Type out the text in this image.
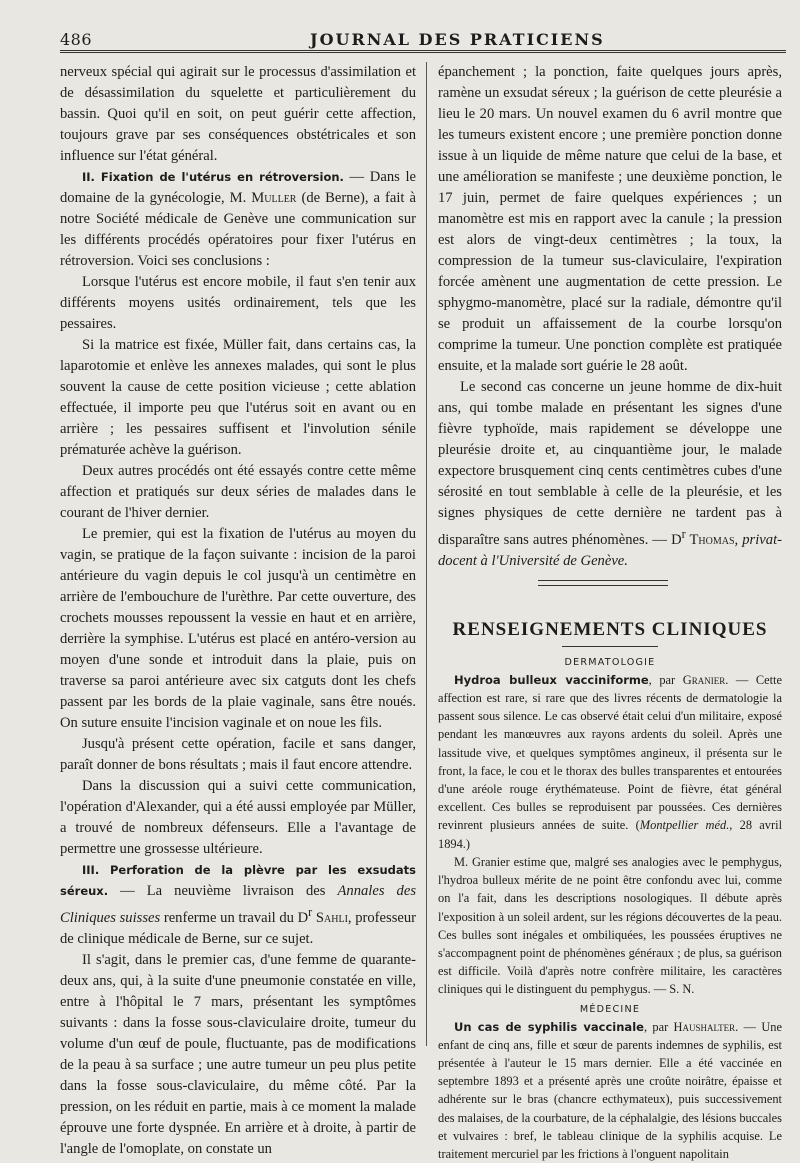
486	JOURNAL DES PRATICIENS

nerveux spécial qui agirait sur le processus d'assimilation et de désassimilation du squelette et particulièrement du bassin. Quoi qu'il en soit, on peut guérir cette affection, toujours grave par ses conséquences obstétricales et son influence sur l'état général.

II. Fixation de l'utérus en rétroversion. — Dans le domaine de la gynécologie, M. Muller (de Berne), a fait à notre Société médicale de Genève une communication sur les différents procédés opératoires pour fixer l'utérus en rétroversion. Voici ses conclusions :

Lorsque l'utérus est encore mobile, il faut s'en tenir aux différents moyens usités ordinairement, tels que les pessaires.

Si la matrice est fixée, Müller fait, dans certains cas, la laparotomie et enlève les annexes malades, qui sont le plus souvent la cause de cette position vicieuse ; cette ablation effectuée, il importe peu que l'utérus soit en avant ou en arrière ; les pessaires suffisent et l'involution sénile prématurée achève la guérison.

Deux autres procédés ont été essayés contre cette même affection et pratiqués sur deux séries de malades dans le courant de l'hiver dernier.

Le premier, qui est la fixation de l'utérus au moyen du vagin, se pratique de la façon suivante : incision de la paroi antérieure du vagin depuis le col jusqu'à un centimètre en arrière de l'embouchure de l'urèthre. Par cette ouverture, des crochets mousses repoussent la vessie en haut et en arrière, derrière la symphise. L'utérus est placé en antéro-version au moyen d'une sonde et introduit dans la plaie, puis on traverse sa paroi antérieure avec six catguts dont les chefs passent par les bords de la plaie vaginale, sans être noués. On suture ensuite l'incision vaginale et on noue les fils.

Jusqu'à présent cette opération, facile et sans danger, paraît donner de bons résultats ; mais il faut encore attendre.

Dans la discussion qui a suivi cette communication, l'opération d'Alexander, qui a été aussi employée par Müller, a trouvé de nombreux défenseurs. Elle a l'avantage de permettre une grossesse ultérieure.

III. Perforation de la plèvre par les exsudats séreux. — La neuvième livraison des Annales des Cliniques suisses renferme un travail du $D^r$ Sahli, professeur de clinique médicale de Berne, sur ce sujet.

Il s'agit, dans le premier cas, d'une femme de quarante-deux ans, qui, à la suite d'une pneumonie constatée en ville, entre à l'hôpital le 7 mars, présentant les symptômes suivants : dans la fosse sous-claviculaire droite, tumeur du volume d'un œuf de poule, fluctuante, pas de modifications de la peau à sa surface ; une autre tumeur un peu plus petite dans la fosse sous-claviculaire, du même côté. Par la pression, on les réduit en partie, mais à ce moment la malade éprouve une forte dyspnée. En arrière et à droite, à partir de l'angle de l'omoplate, on constate un

épanchement ; la ponction, faite quelques jours après, ramène un exsudat séreux ; la guérison de cette pleurésie a lieu le 20 mars. Un nouvel examen du 6 avril montre que les tumeurs existent encore ; une première ponction donne issue à un liquide de même nature que celui de la base, et une amélioration se manifeste ; une deuxième ponction, le 17 juin, permet de faire quelques expériences ; un manomètre est mis en rapport avec la canule ; la pression est alors de vingt-deux centimètres ; la toux, la compression de la tumeur sus-claviculaire, l'expiration forcée amènent une augmentation de cette pression. Le sphygmo-manomètre, placé sur la radiale, démontre qu'il se produit un affaissement de la courbe lorsqu'on comprime la tumeur. Une ponction complète est pratiquée ensuite, et la malade sort guérie le 28 août.

Le second cas concerne un jeune homme de dix-huit ans, qui tombe malade en présentant les signes d'une fièvre typhoïde, mais rapidement se développe une pleurésie droite et, au cinquantième jour, le malade expectore brusquement cinq cents centimètres cubes d'une sérosité en tout semblable à celle de la pleurésie, et les signes physiques de cette dernière ne tardent pas à disparaître sans autres phénomènes. — $D^r$ Thomas, privat-docent à l'Université de Genève.

RENSEIGNEMENTS CLINIQUES
DERMATOLOGIE

Hydroa bulleux vacciniforme, par Granier. — Cette affection est rare, si rare que des livres récents de dermatologie la passent sous silence. Le cas observé était celui d'un militaire, exposé pendant les manœuvres aux rayons ardents du soleil. Après une lassitude vive, et quelques symptômes angineux, il présenta sur le front, la face, le cou et le thorax des bulles transparentes et entourées d'une aréole rouge érythémateuse. Point de fièvre, état général excellent. Ces bulles se reproduisent par poussées. Ces dernières revinrent plusieurs années de suite. (Montpellier méd., 28 avril 1894.)

M. Granier estime que, malgré ses analogies avec le pemphygus, l'hydroa bulleux mérite de ne point être confondu avec lui, comme on l'a fait, dans les descriptions nosologiques. Il débute après l'exposition à un soleil ardent, sur les régions découvertes de la peau. Ces bulles sont inégales et ombiliquées, les poussées éruptives ne s'accompagnent point de phénomènes généraux ; de plus, sa guérison est difficile. Voilà d'après notre confrère militaire, les caractères cliniques qui le distinguent du pemphygus. — S. N.

MÉDECINE

Un cas de syphilis vaccinale, par Haushalter. — Une enfant de cinq ans, fille et sœur de parents indemnes de syphilis, est présentée à l'auteur le 15 mars dernier. Elle a été vaccinée en septembre 1893 et a présenté après une croûte noirâtre, épaisse et adhérente sur le bras (chancre ecthymateux), puis successivement des malaises, de la courbature, de la céphalalgie, des lésions buccales et vulvaires : bref, le tableau clinique de la syphilis acquise. Le traitement mercuriel par les frictions à l'onguent napolitain
